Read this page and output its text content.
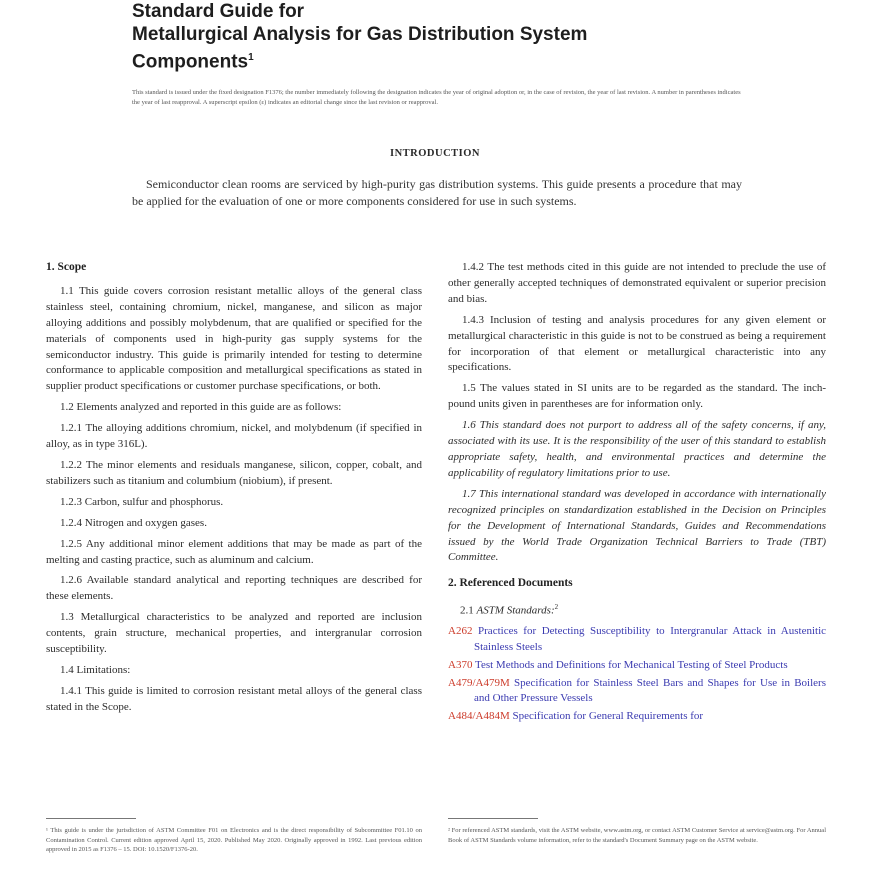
Standard Guide for
Metallurgical Analysis for Gas Distribution System
Components$^1$
This standard is issued under the fixed designation F1376; the number immediately following the designation indicates the year of original adoption or, in the case of revision, the year of last revision. A number in parentheses indicates the year of last reapproval. A superscript epsilon (ε) indicates an editorial change since the last revision or reapproval.
INTRODUCTION

Semiconductor clean rooms are serviced by high-purity gas distribution systems. This guide presents a procedure that may be applied for the evaluation of one or more components considered for use in such systems.

1. Scope

1.1 This guide covers corrosion resistant metallic alloys of the general class stainless steel, containing chromium, nickel, manganese, and silicon as major alloying additions and possibly molybdenum, that are qualified or specified for the materials of components used in high-purity gas supply systems for the semiconductor industry. This guide is primarily intended for testing to determine conformance to applicable composition and metallurgical specifications as stated in supplier product specifications or customer purchase specifications, or both.

1.2 Elements analyzed and reported in this guide are as follows:

1.2.1 The alloying additions chromium, nickel, and molybdenum (if specified in alloy, as in type 316L).

1.2.2 The minor elements and residuals manganese, silicon, copper, cobalt, and stabilizers such as titanium and columbium (niobium), if present.

1.2.3 Carbon, sulfur and phosphorus.

1.2.4 Nitrogen and oxygen gases.

1.2.5 Any additional minor element additions that may be made as part of the melting and casting practice, such as aluminum and calcium.

1.2.6 Available standard analytical and reporting techniques are described for these elements.

1.3 Metallurgical characteristics to be analyzed and reported are inclusion contents, grain structure, mechanical properties, and intergranular corrosion susceptibility.

1.4 Limitations:

1.4.1 This guide is limited to corrosion resistant metal alloys of the general class stated in the Scope.

1.4.2 The test methods cited in this guide are not intended to preclude the use of other generally accepted techniques of demonstrated equivalent or superior precision and bias.

1.4.3 Inclusion of testing and analysis procedures for any given element or metallurgical characteristic in this guide is not to be construed as being a requirement for incorporation of that element or metallurgical characteristic into any specifications.

1.5 The values stated in SI units are to be regarded as the standard. The inch-pound units given in parentheses are for information only.

1.6 This standard does not purport to address all of the safety concerns, if any, associated with its use. It is the responsibility of the user of this standard to establish appropriate safety, health, and environmental practices and determine the applicability of regulatory limitations prior to use.

1.7 This international standard was developed in accordance with internationally recognized principles on standardization established in the Decision on Principles for the Development of International Standards, Guides and Recommendations issued by the World Trade Organization Technical Barriers to Trade (TBT) Committee.

2. Referenced Documents
2.1 ASTM Standards:$^2$
A262 Practices for Detecting Susceptibility to Intergranular Attack in Austenitic Stainless Steels
A370 Test Methods and Definitions for Mechanical Testing of Steel Products
A479/A479M Specification for Stainless Steel Bars and Shapes for Use in Boilers and Other Pressure Vessels
A484/A484M Specification for General Requirements for
¹ This guide is under the jurisdiction of ASTM Committee F01 on Electronics and is the direct responsibility of Subcommittee F01.10 on Contamination Control. Current edition approved April 15, 2020. Published May 2020. Originally approved in 1992. Last previous edition approved in 2015 as F1376 – 15. DOI: 10.1520/F1376-20.
² For referenced ASTM standards, visit the ASTM website, www.astm.org, or contact ASTM Customer Service at service@astm.org. For Annual Book of ASTM Standards volume information, refer to the standard's Document Summary page on the ASTM website.
